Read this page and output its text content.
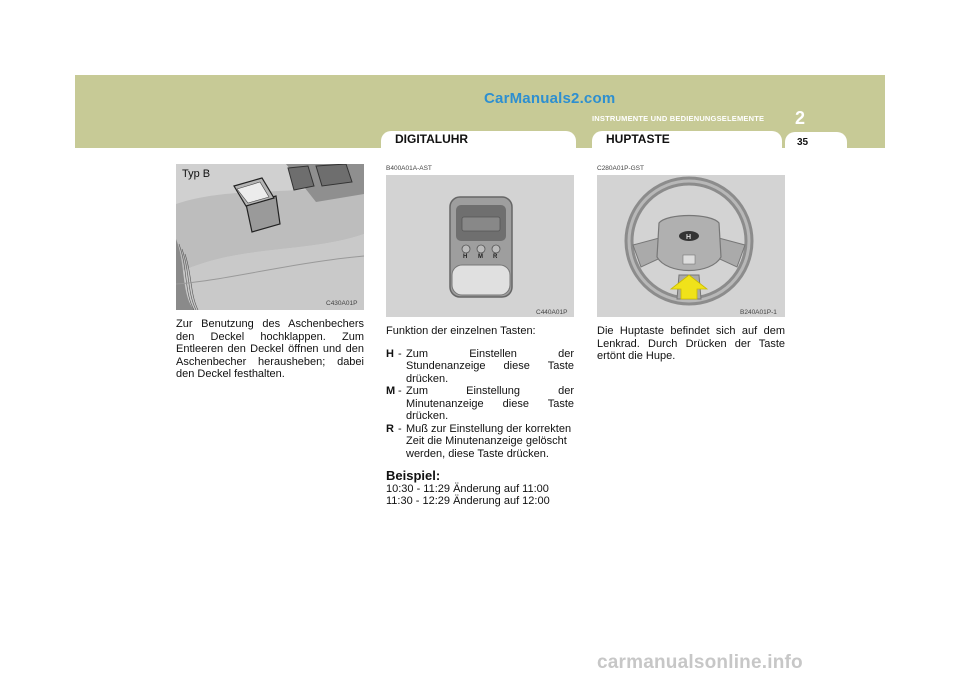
CarManuals2.com
INSTRUMENTE UND BEDIENUNGSELEMENTE 2
DIGITALUHR	HUPTASTE	35
Typ B
C430A01P
Zur Benutzung des Aschenbechers den Deckel hochklappen. Zum Entleeren den Deckel öffnen und den Aschenbecher herausheben; dabei den Deckel festhalten.
B400A01A-AST
H M R
C440A01P
Funktion der einzelnen Tasten:
H - Zum Einstellen der Stundenanzeige diese Taste drücken.
M - Zum Einstellung der Minutenanzeige diese Taste drücken.
R - Muß zur Einstellung der korrekten Zeit die Minutenanzeige gelöscht werden, diese Taste drücken.
Beispiel:
10:30 - 11:29 Änderung auf 11:00
11:30 - 12:29 Änderung auf 12:00
C280A01P-GST
H
B240A01P-1
Die Huptaste befindet sich auf dem Lenkrad. Durch Drücken der Taste ertönt die Hupe.
carmanualsonline.info
